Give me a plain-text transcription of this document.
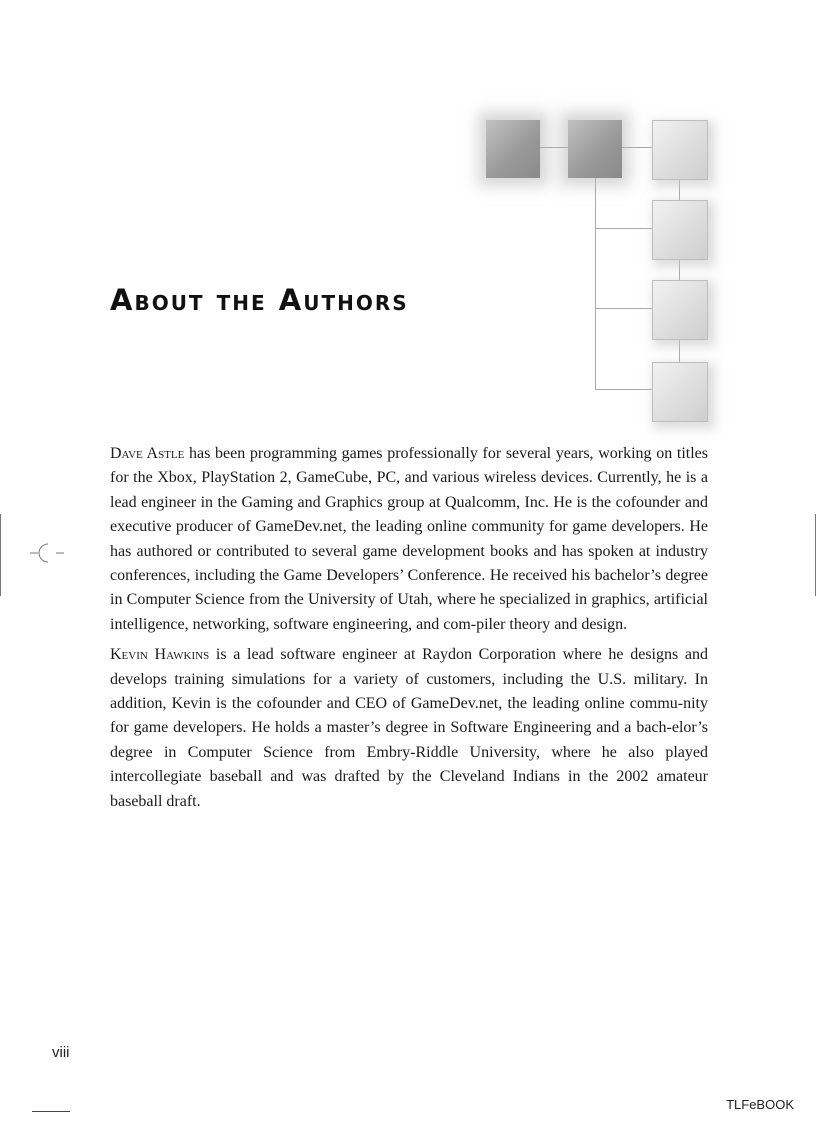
About the Authors

Dave Astle has been programming games professionally for several years, working on titles for the Xbox, PlayStation 2, GameCube, PC, and various wireless devices. Currently, he is a lead engineer in the Gaming and Graphics group at Qualcomm, Inc. He is the cofounder and executive producer of GameDev.net, the leading online community for game developers. He has authored or contributed to several game development books and has spoken at industry conferences, including the Game Developers’ Conference. He received his bachelor’s degree in Computer Science from the University of Utah, where he specialized in graphics, artificial intelligence, networking, software engineering, and com-piler theory and design.

Kevin Hawkins is a lead software engineer at Raydon Corporation where he designs and develops training simulations for a variety of customers, including the U.S. military. In addition, Kevin is the cofounder and CEO of GameDev.net, the leading online commu-nity for game developers. He holds a master’s degree in Software Engineering and a bach-elor’s degree in Computer Science from Embry-Riddle University, where he also played intercollegiate baseball and was drafted by the Cleveland Indians in the 2002 amateur baseball draft.

viii
TLFeBOOK
